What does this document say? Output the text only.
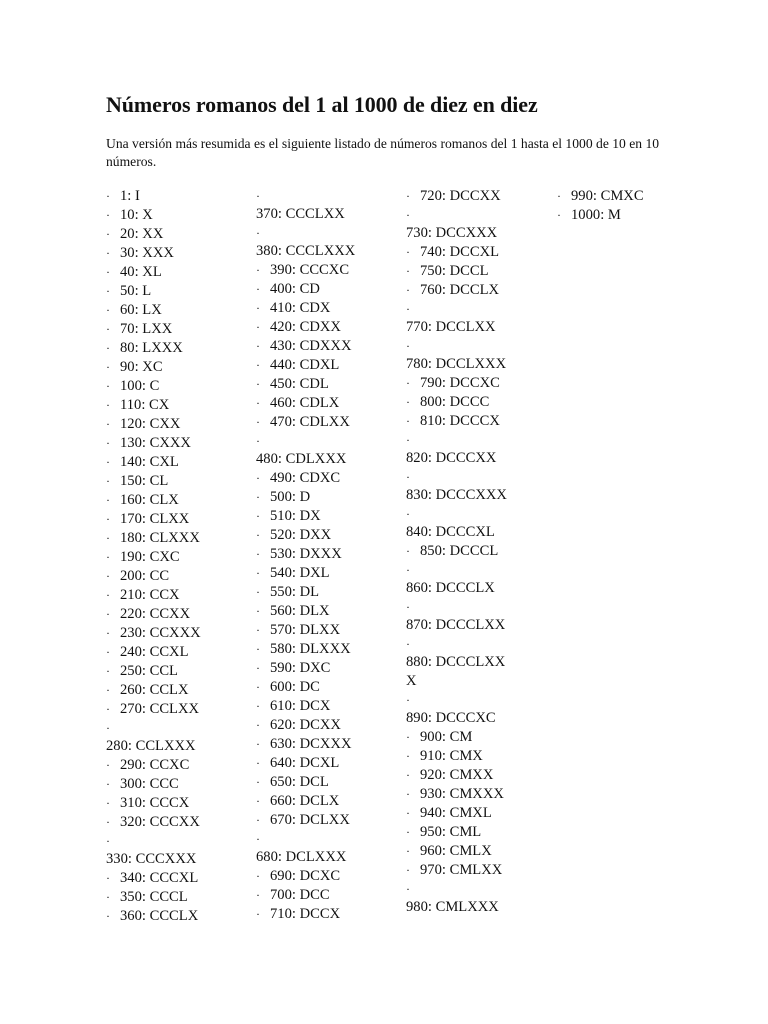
Números romanos del 1 al 1000 de diez en diez

Una versión más resumida es el siguiente listado de números romanos del 1 hasta el 1000 de 10 en 10 números.

· 1: I
· 10: X
· 20: XX
· 30: XXX
· 40: XL
· 50: L
· 60: LX
· 70: LXX
· 80: LXXX
· 90: XC
· 100: C
· 110: CX
· 120: CXX
· 130: CXXX
· 140: CXL
· 150: CL
· 160: CLX
· 170: CLXX
· 180: CLXXX
· 190: CXC
· 200: CC
· 210: CCX
· 220: CCXX
· 230: CCXXX
· 240: CCXL
· 250: CCL
· 260: CCLX
· 270: CCLXX
·
280: CCLXXX
· 290: CCXC
· 300: CCC
· 310: CCCX
· 320: CCCXX
·
330: CCCXXX
· 340: CCCXL
· 350: CCCL
· 360: CCCLX
·
370: CCCLXX
·
380: CCCLXXX
· 390: CCCXC
· 400: CD
· 410: CDX
· 420: CDXX
· 430: CDXXX
· 440: CDXL
· 450: CDL
· 460: CDLX
· 470: CDLXX
·
480: CDLXXX
· 490: CDXC
· 500: D
· 510: DX
· 520: DXX
· 530: DXXX
· 540: DXL
· 550: DL
· 560: DLX
· 570: DLXX
· 580: DLXXX
· 590: DXC
· 600: DC
· 610: DCX
· 620: DCXX
· 630: DCXXX
· 640: DCXL
· 650: DCL
· 660: DCLX
· 670: DCLXX
·
680: DCLXXX
· 690: DCXC
· 700: DCC
· 710: DCCX
· 720: DCCXX
·
730: DCCXXX
· 740: DCCXL
· 750: DCCL
· 760: DCCLX
·
770: DCCLXX
·
780: DCCLXXX
· 790: DCCXC
· 800: DCCC
· 810: DCCCX
·
820: DCCCXX
·
830: DCCCXXX
·
840: DCCCXL
· 850: DCCCL
·
860: DCCCLX
·
870: DCCCLXX
·
880: DCCCLXX
X
·
890: DCCCXC
· 900: CM
· 910: CMX
· 920: CMXX
· 930: CMXXX
· 940: CMXL
· 950: CML
· 960: CMLX
· 970: CMLXX
·
980: CMLXXX
· 990: CMXC
· 1000: M
